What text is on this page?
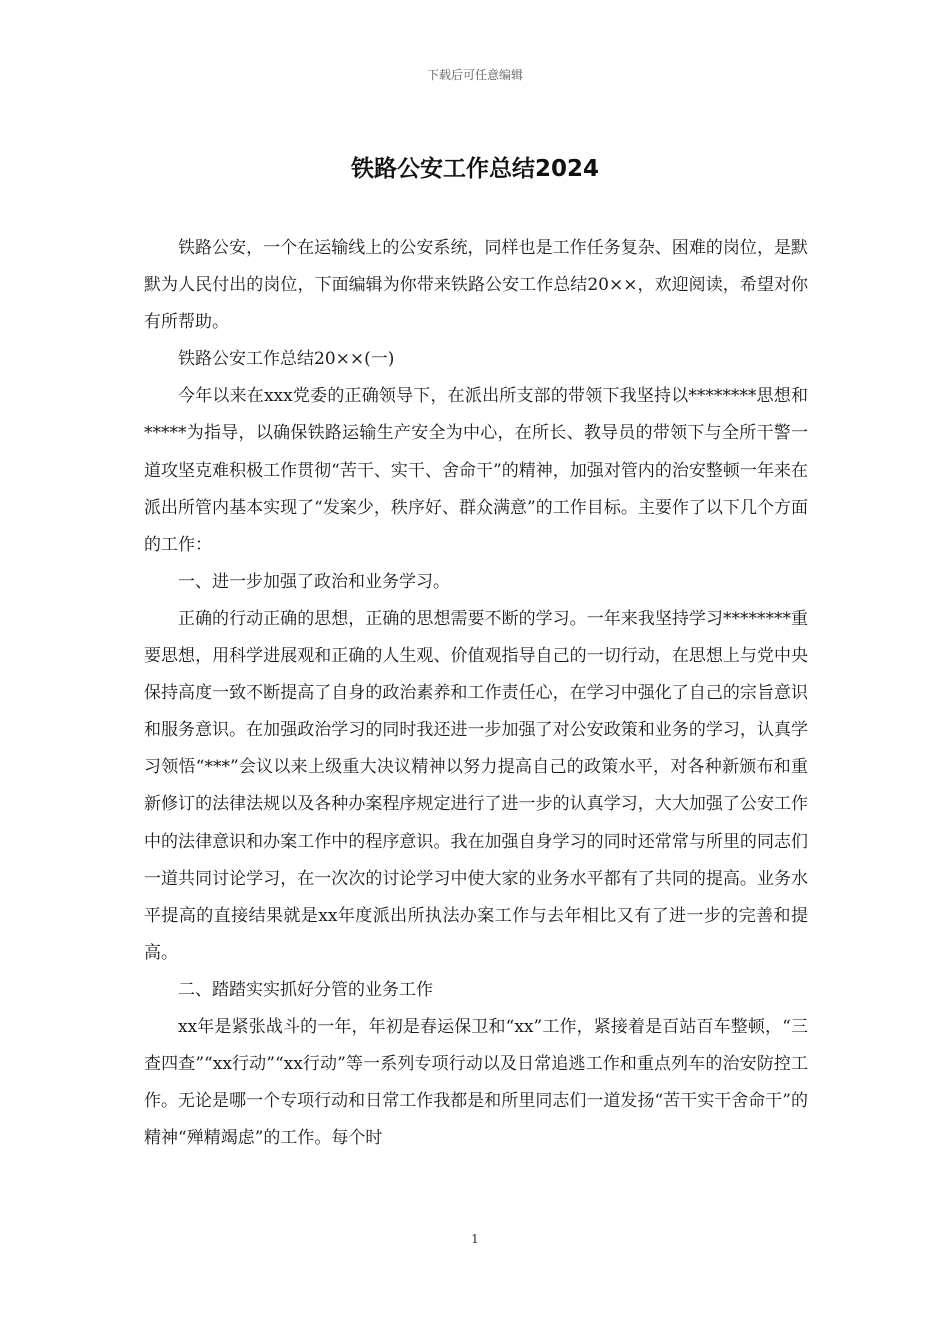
下载后可任意编辑
铁路公安工作总结2024

铁路公安，一个在运输线上的公安系统，同样也是工作任务复杂、困难的岗位，是默默为人民付出的岗位，下面编辑为你带来铁路公安工作总结20××，欢迎阅读，希望对你有所帮助。

铁路公安工作总结20××(一)

今年以来在xxx党委的正确领导下，在派出所支部的带领下我坚持以********思想和*****为指导，以确保铁路运输生产安全为中心，在所长、教导员的带领下与全所干警一道攻坚克难积极工作贯彻“苦干、实干、舍命干”的精神，加强对管内的治安整顿一年来在派出所管内基本实现了“发案少，秩序好、群众满意”的工作目标。主要作了以下几个方面的工作：

一、进一步加强了政治和业务学习。

正确的行动正确的思想，正确的思想需要不断的学习。一年来我坚持学习********重要思想，用科学进展观和正确的人生观、价值观指导自己的一切行动，在思想上与党中央保持高度一致不断提高了自身的政治素养和工作责任心，在学习中强化了自己的宗旨意识和服务意识。在加强政治学习的同时我还进一步加强了对公安政策和业务的学习，认真学习领悟“***”会议以来上级重大决议精神以努力提高自己的政策水平，对各种新颁布和重新修订的法律法规以及各种办案程序规定进行了进一步的认真学习，大大加强了公安工作中的法律意识和办案工作中的程序意识。我在加强自身学习的同时还常常与所里的同志们一道共同讨论学习，在一次次的讨论学习中使大家的业务水平都有了共同的提高。业务水平提高的直接结果就是xx年度派出所执法办案工作与去年相比又有了进一步的完善和提高。

二、踏踏实实抓好分管的业务工作

xx年是紧张战斗的一年，年初是春运保卫和“xx”工作，紧接着是百站百车整顿，“三查四查”“xx行动”“xx行动”等一系列专项行动以及日常追逃工作和重点列车的治安防控工作。无论是哪一个专项行动和日常工作我都是和所里同志们一道发扬“苦干实干舍命干”的精神“殚精竭虑”的工作。每个时

1
